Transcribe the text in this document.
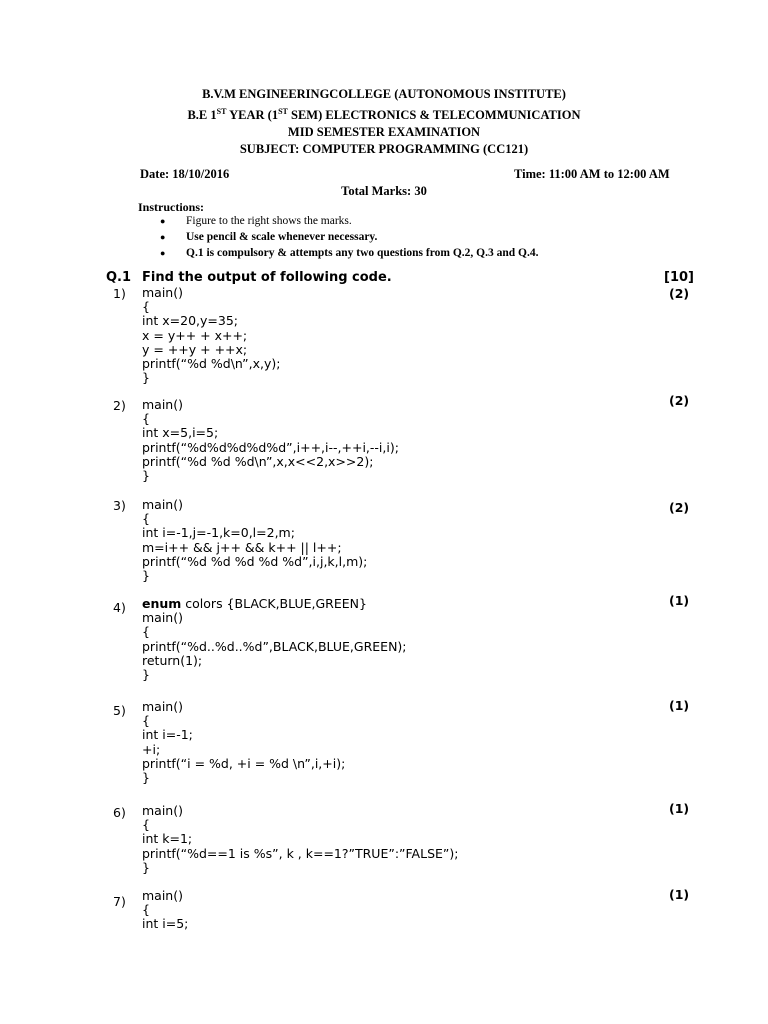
B.V.M ENGINEERINGCOLLEGE (AUTONOMOUS INSTITUTE)
B.E 1ST YEAR (1ST SEM) ELECTRONICS & TELECOMMUNICATION
MID SEMESTER EXAMINATION
SUBJECT: COMPUTER PROGRAMMING (CC121)
Date: 18/10/2016	Time: 11:00 AM to 12:00 AM
Total Marks: 30
Instructions:
● Figure to the right shows the marks.
● Use pencil & scale whenever necessary.
● Q.1 is compulsory & attempts any two questions from Q.2, Q.3 and Q.4.
Q.1 Find the output of following code.	[10]
1)	(2)
main()
{
int x=20,y=35;
x = y++ + x++;
y = ++y + ++x;
printf(“%d %d\n”,x,y);
}
2)	(2)
main()
{
int x=5,i=5;
printf(“%d%d%d%d%d”,i++,i--,++i,--i,i);
printf(“%d %d %d\n”,x,x<<2,x>>2);
}
3)	(2)
main()
{
int i=-1,j=-1,k=0,l=2,m;
m=i++ && j++ && k++ || l++;
printf(“%d %d %d %d %d”,i,j,k,l,m);
}
4)	(1)
enum colors {BLACK,BLUE,GREEN}
main()
{
printf(“%d..%d..%d”,BLACK,BLUE,GREEN);
return(1);
}
5)	(1)
main()
{
int i=-1;
+i;
printf(“i = %d, +i = %d \n”,i,+i);
}
6)	(1)
main()
{
int k=1;
printf(“%d==1 is %s”, k , k==1?”TRUE”:”FALSE”);
}
7)	(1)
main()
{
int i=5;
